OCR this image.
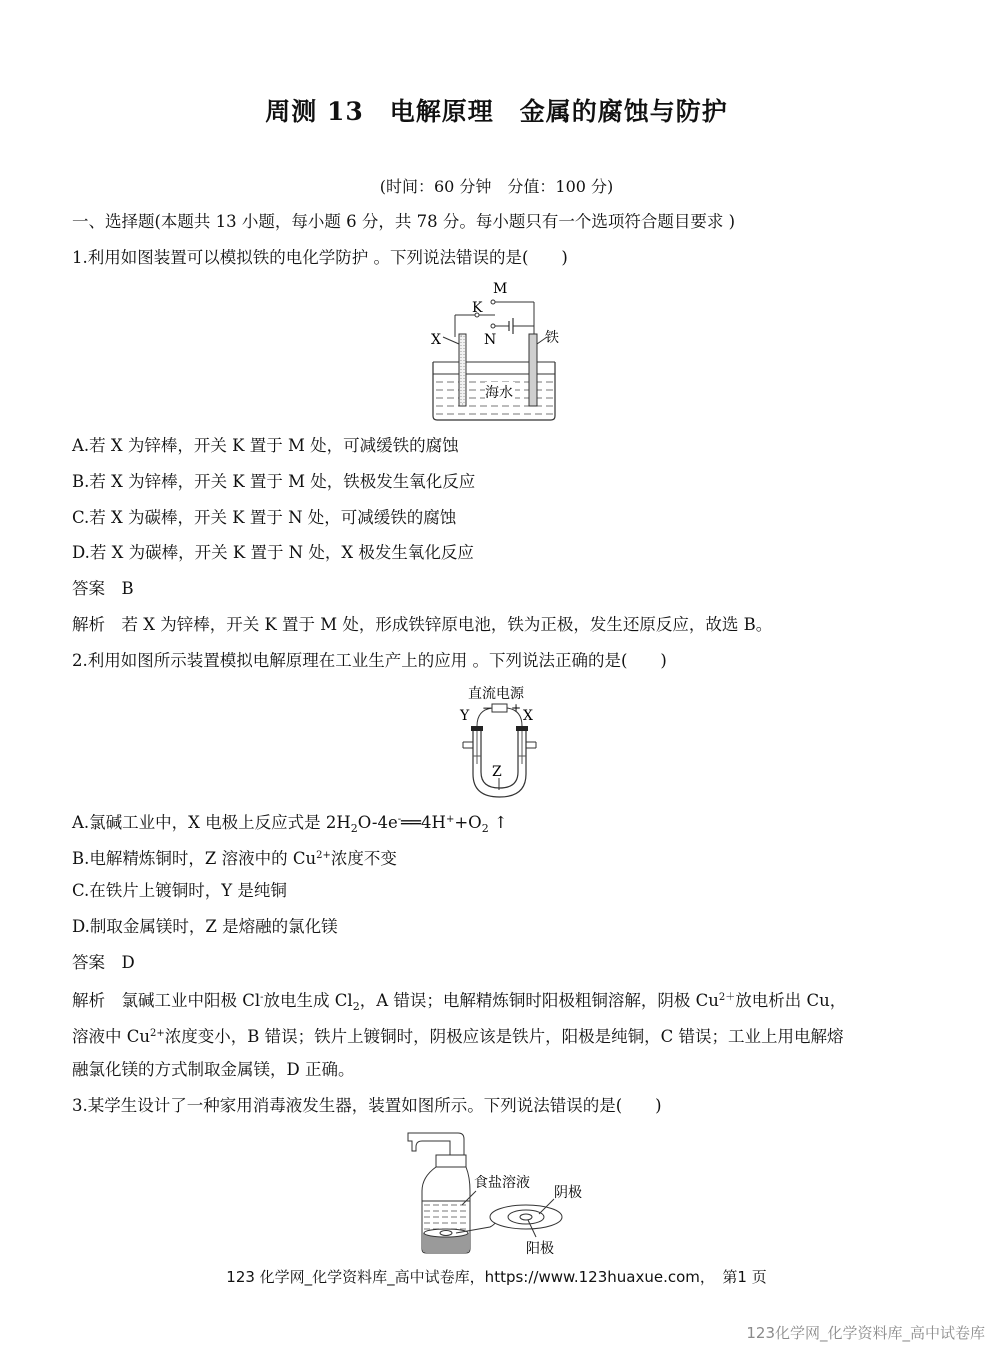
周测 13　电解原理　金属的腐蚀与防护
(时间：60 分钟　分值：100 分)
一、选择题(本题共 13 小题，每小题 6 分，共 78 分。每小题只有一个选项符合题目要求 )
1.利用如图装置可以模拟铁的电化学防护 。下列说法错误的是(　　)
M
K
X	N	铁
海水
A.若 X 为锌棒，开关 K 置于 M 处，可减缓铁的腐蚀
B.若 X 为锌棒，开关 K 置于 M 处，铁极发生氧化反应
C.若 X 为碳棒，开关 K 置于 N 处，可减缓铁的腐蚀
D.若 X 为碳棒，开关 K 置于 N 处，X 极发生氧化反应
答案　B
解析　若 X 为锌棒，开关 K 置于 M 处，形成铁锌原电池，铁为正极，发生还原反应，故选 B。
2.利用如图所示装置模拟电解原理在工业生产上的应用 。下列说法正确的是(　　)
直流电源
Y	X
− +
Z
A.氯碱工业中，X 电极上反应式是 $2H_2O-4e^-══4H^++O_2$ ↑
B.电解精炼铜时，Z 溶液中的 $Cu^{2+}$浓度不变
C.在铁片上镀铜时，Y 是纯铜
D.制取金属镁时，Z 是熔融的氯化镁
答案　D
解析　氯碱工业中阳极 Cl-放电生成 $Cl_2$，A 错误；电解精炼铜时阳极粗铜溶解，阴极 $Cu^{2+}$放电析出 Cu，
溶液中 $Cu^{2+}$浓度变小，B 错误；铁片上镀铜时，阴极应该是铁片，阳极是纯铜，C 错误；工业上用电解熔
融氯化镁的方式制取金属镁，D 正确。
3.某学生设计了一种家用消毒液发生器，装置如图所示。下列说法错误的是(　　)
食盐溶液
阴极
阳极
123 化学网_化学资料库_高中试卷库，https://www.123huaxue.com，　第1 页
123化学网_化学资料库_高中试卷库
